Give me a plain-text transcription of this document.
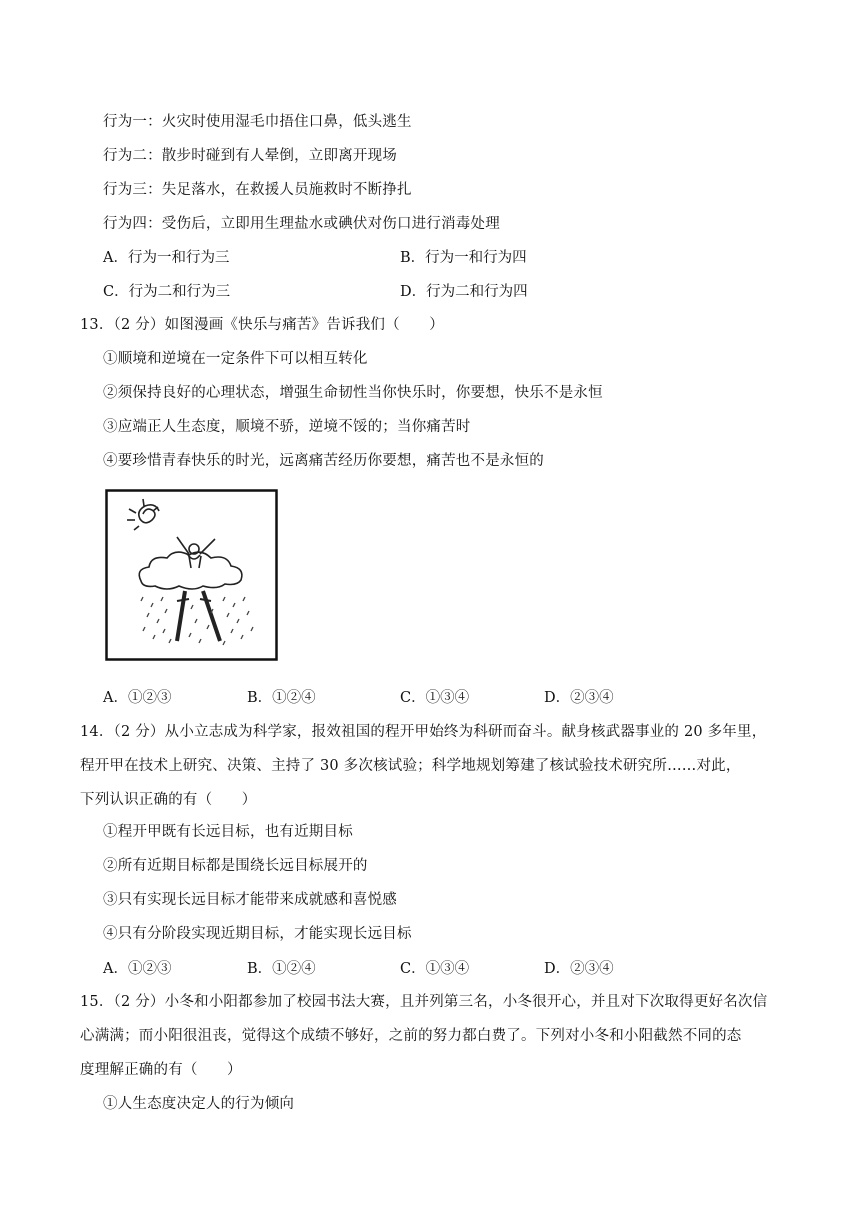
行为一：火灾时使用湿毛巾捂住口鼻，低头逃生
行为二：散步时碰到有人晕倒，立即离开现场
行为三：失足落水，在救援人员施救时不断挣扎
行为四：受伤后，立即用生理盐水或碘伏对伤口进行消毒处理
A．行为一和行为三	B．行为一和行为四
C．行为二和行为三	D．行为二和行为四
13．（2 分）如图漫画《快乐与痛苦》告诉我们（　　）
①顺境和逆境在一定条件下可以相互转化
②须保持良好的心理状态，增强生命韧性当你快乐时，你要想，快乐不是永恒
③应端正人生态度，顺境不骄，逆境不馁的；当你痛苦时
④要珍惜青春快乐的时光，远离痛苦经历你要想，痛苦也不是永恒的
A．①②③	B．①②④	C．①③④	D．②③④
14．（2 分）从小立志成为科学家，报效祖国的程开甲始终为科研而奋斗。献身核武器事业的 20 多年里，
程开甲在技术上研究、决策、主持了 30 多次核试验；科学地规划筹建了核试验技术研究所……对此，
下列认识正确的有（　　）
①程开甲既有长远目标，也有近期目标
②所有近期目标都是围绕长远目标展开的
③只有实现长远目标才能带来成就感和喜悦感
④只有分阶段实现近期目标，才能实现长远目标
A．①②③	B．①②④	C．①③④	D．②③④
15．（2 分）小冬和小阳都参加了校园书法大赛，且并列第三名，小冬很开心，并且对下次取得更好名次信
心满满；而小阳很沮丧，觉得这个成绩不够好，之前的努力都白费了。下列对小冬和小阳截然不同的态
度理解正确的有（　　）
①人生态度决定人的行为倾向
